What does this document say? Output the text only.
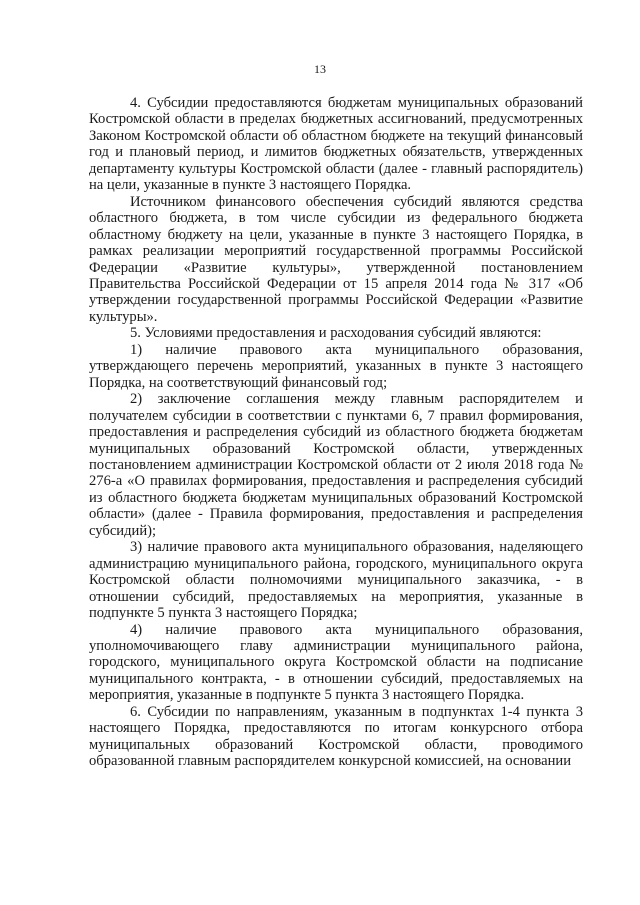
13

4. Субсидии предоставляются бюджетам муниципальных образований Костромской области в пределах бюджетных ассигнований, предусмотренных Законом Костромской области об областном бюджете на текущий финансовый год и плановый период, и лимитов бюджетных обязательств, утвержденных департаменту культуры Костромской области (далее - главный распорядитель) на цели, указанные в пункте 3 настоящего Порядка.

Источником финансового обеспечения субсидий являются средства областного бюджета, в том числе субсидии из федерального бюджета областному бюджету на цели, указанные в пункте 3 настоящего Порядка, в рамках реализации мероприятий государственной программы Российской Федерации «Развитие культуры», утвержденной постановлением Правительства Российской Федерации от 15 апреля 2014 года № 317 «Об утверждении государственной программы Российской Федерации «Развитие культуры».

5. Условиями предоставления и расходования субсидий являются:

1) наличие правового акта муниципального образования, утверждающего перечень мероприятий, указанных в пункте 3 настоящего Порядка, на соответствующий финансовый год;

2) заключение соглашения между главным распорядителем и получателем субсидии в соответствии с пунктами 6, 7 правил формирования, предоставления и распределения субсидий из областного бюджета бюджетам муниципальных образований Костромской области, утвержденных постановлением администрации Костромской области от 2 июля 2018 года № 276-а «О правилах формирования, предоставления и распределения субсидий из областного бюджета бюджетам муниципальных образований Костромской области» (далее - Правила формирования, предоставления и распределения субсидий);

3) наличие правового акта муниципального образования, наделяющего администрацию муниципального района, городского, муниципального округа Костромской области полномочиями муниципального заказчика, - в отношении субсидий, предоставляемых на мероприятия, указанные в подпункте 5 пункта 3 настоящего Порядка;

4) наличие правового акта муниципального образования, уполномочивающего главу администрации муниципального района, городского, муниципального округа Костромской области на подписание муниципального контракта, - в отношении субсидий, предоставляемых на мероприятия, указанные в подпункте 5 пункта 3 настоящего Порядка.

6. Субсидии по направлениям, указанным в подпунктах 1-4 пункта 3 настоящего Порядка, предоставляются по итогам конкурсного отбора муниципальных образований Костромской области, проводимого образованной главным распорядителем конкурсной комиссией, на основании
